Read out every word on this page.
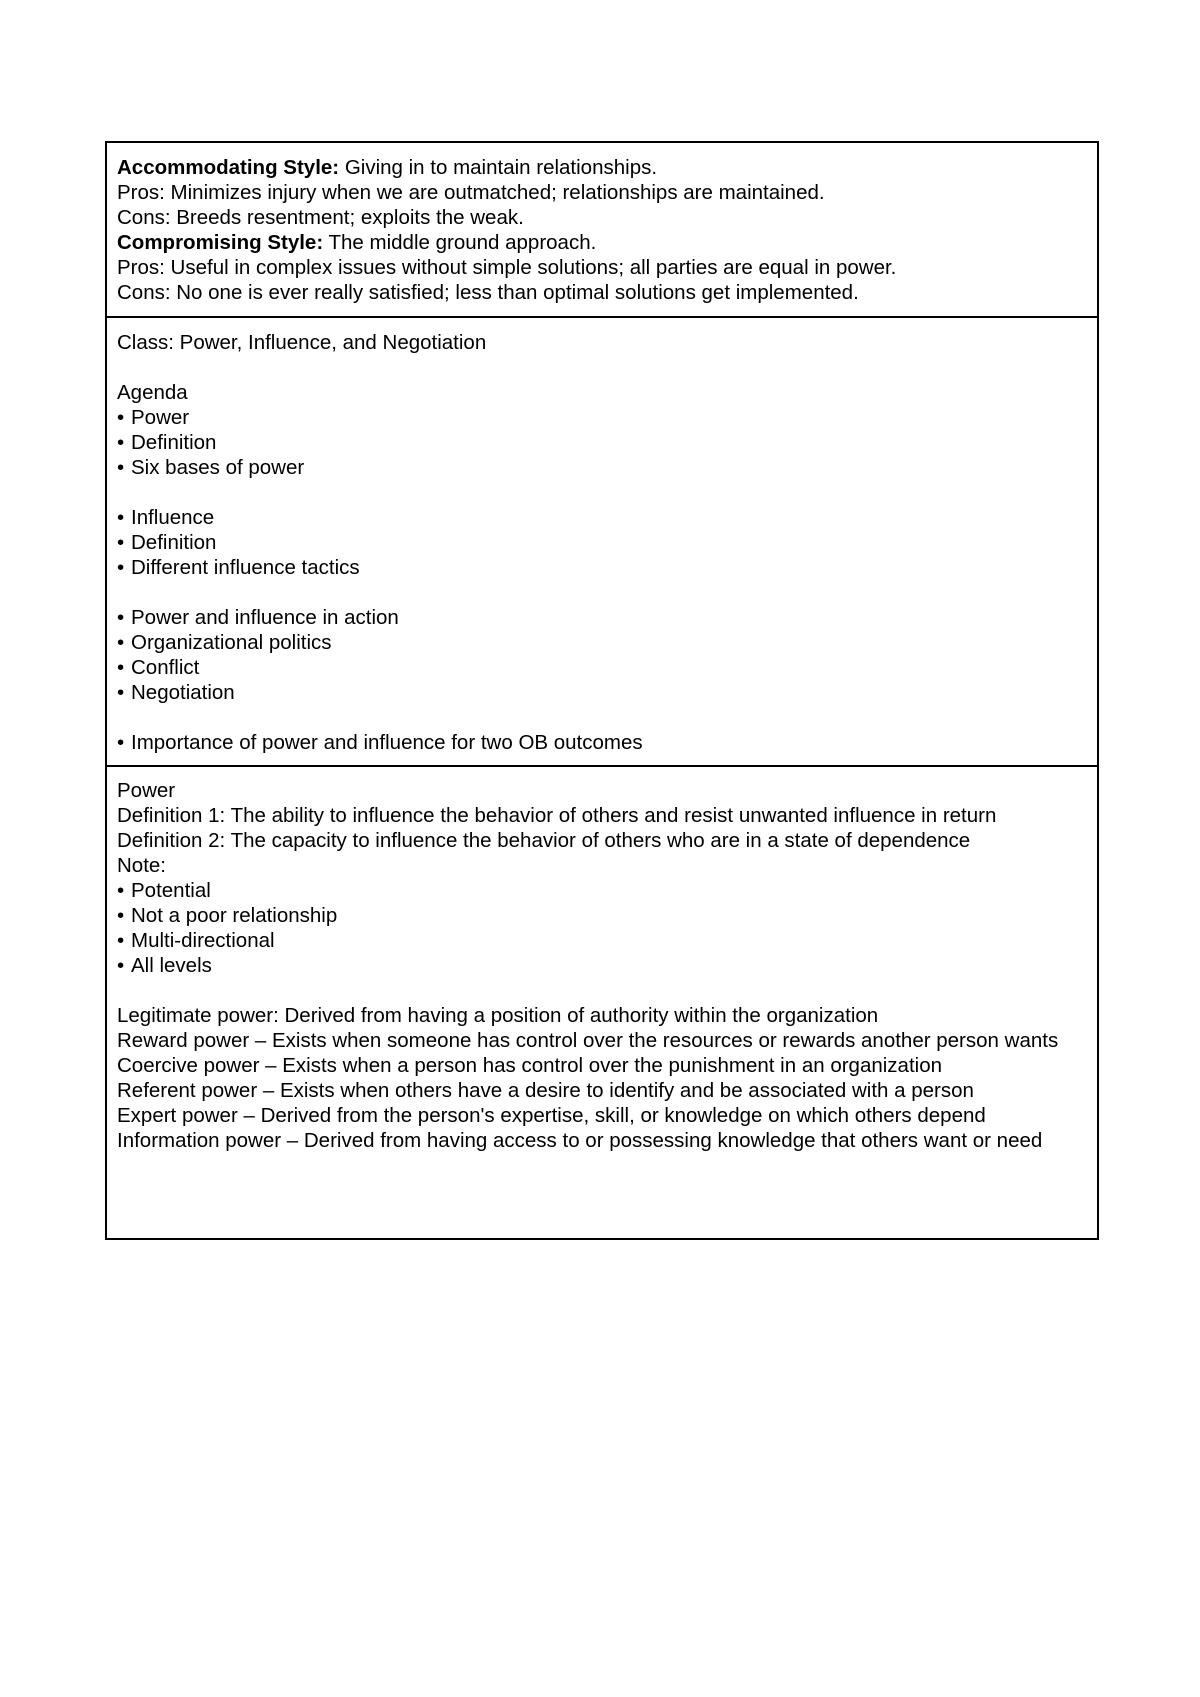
Accommodating Style: Giving in to maintain relationships.
Pros: Minimizes injury when we are outmatched; relationships are maintained.
Cons: Breeds resentment; exploits the weak.
Compromising Style: The middle ground approach.
Pros: Useful in complex issues without simple solutions; all parties are equal in power.
Cons: No one is ever really satisfied; less than optimal solutions get implemented.
Class: Power, Influence, and Negotiation
Agenda
• Power
• Definition
• Six bases of power
• Influence
• Definition
• Different influence tactics
• Power and influence in action
• Organizational politics
• Conflict
• Negotiation
• Importance of power and influence for two OB outcomes
Power
Definition 1: The ability to influence the behavior of others and resist unwanted influence in return
Definition 2: The capacity to influence the behavior of others who are in a state of dependence
Note:
• Potential
• Not a poor relationship
• Multi-directional
• All levels
Legitimate power: Derived from having a position of authority within the organization
Reward power – Exists when someone has control over the resources or rewards another person wants
Coercive power – Exists when a person has control over the punishment in an organization
Referent power – Exists when others have a desire to identify and be associated with a person
Expert power – Derived from the person's expertise, skill, or knowledge on which others depend
Information power – Derived from having access to or possessing knowledge that others want or need
